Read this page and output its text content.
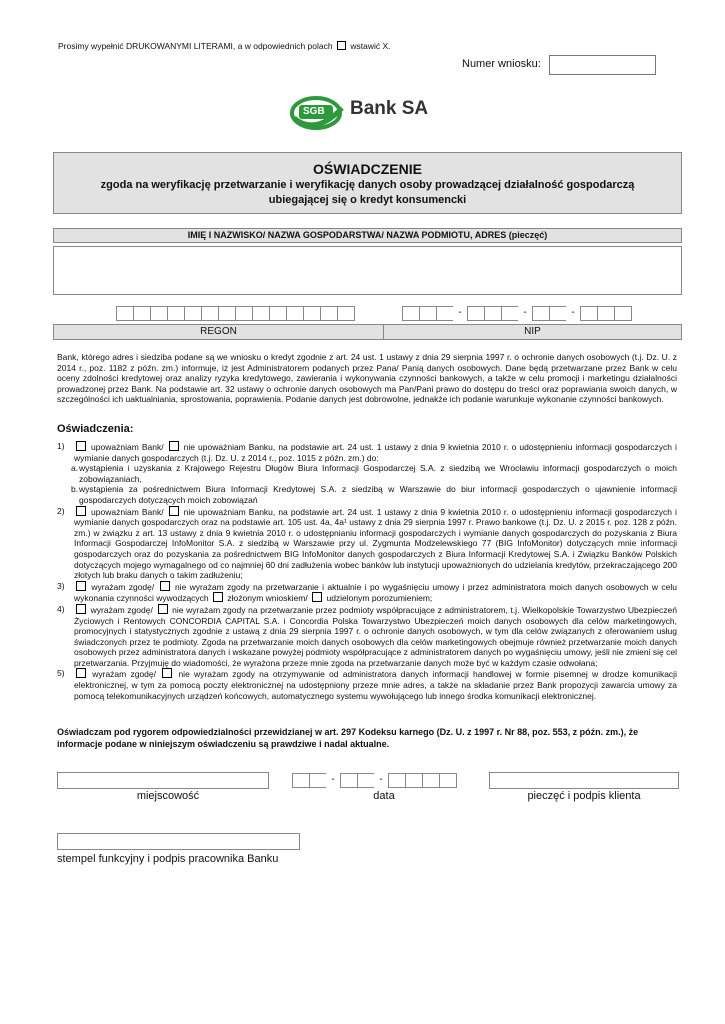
Prosimy wypełnić DRUKOWANYMI LITERAMI, a w odpowiednich polach wstawić X.
Numer wniosku:
SGB Bank SA
OŚWIADCZENIE
zgoda na weryfikację przetwarzanie i weryfikację danych osoby prowadzącej działalność gospodarczą
ubiegającej się o kredyt konsumencki
IMIĘ I NAZWISKO/ NAZWA GOSPODARSTWA/ NAZWA PODMIOTU, ADRES (pieczęć)
-	-	-
REGON	NIP
Bank, którego adres i siedziba podane są we wniosku o kredyt zgodnie z art. 24 ust. 1 ustawy z dnia 29 sierpnia 1997 r. o ochronie danych osobowych (t.j. Dz. U. z 2014 r., poz. 1182 z późn. zm.) informuje, iż jest Administratorem podanych przez Pana/ Panią danych osobowych. Dane będą przetwarzane przez Bank w celu oceny zdolności kredytowej oraz analizy ryzyka kredytowego, zawierania i wykonywania czynności bankowych, a także w celu promocji i marketingu działalności prowadzonej przez Bank. Na podstawie art. 32 ustawy o ochronie danych osobowych ma Pan/Pani prawo do dostępu do treści oraz poprawiania swoich danych, w szczególności ich uaktualniania, sprostowania, poprawienia. Podanie danych jest dobrowolne, jednakże ich podanie warunkuje wykonanie czynności bankowych.
Oświadczenia:
1)	upoważniam Bank/ nie upoważniam Banku, na podstawie art. 24 ust. 1 ustawy z dnia 9 kwietnia 2010 r. o udostępnieniu informacji gospodarczych i wymianie danych gospodarczych (t.j. Dz. U. z 2014 r., poz. 1015 z późn. zm.) do:
a. wystąpienia i uzyskania z Krajowego Rejestru Długów Biura Informacji Gospodarczej S.A. z siedzibą we Wrocławiu informacji gospodarczych o moich zobowiązaniach,
b. wystąpienia za pośrednictwem Biura Informacji Kredytowej S.A. z siedzibą w Warszawie do biur informacji gospodarczych o ujawnienie informacji gospodarczych dotyczących moich zobowiązań
2)	upoważniam Bank/ nie upoważniam Banku, na podstawie art. 24 ust. 1 ustawy z dnia 9 kwietnia 2010 r. o udostępnieniu informacji gospodarczych i wymianie danych gospodarczych oraz na podstawie art. 105 ust. 4a, 4a¹ ustawy z dnia 29 sierpnia 1997 r. Prawo bankowe (t.j. Dz. U. z 2015 r. poz. 128 z późn. zm.) w związku z art. 13 ustawy z dnia 9 kwietnia 2010 r. o udostępnianiu informacji gospodarczych i wymianie danych gospodarczych do pozyskania z Biura Informacji Gospodarczej InfoMonitor S.A. z siedzibą w Warszawie przy ul. Zygmunta Modzelewskiego 77 (BIG InfoMonitor) dotyczących mnie informacji gospodarczych oraz do pozyskania za pośrednictwem BIG InfoMonitor danych gospodarczych z Biura Informacji Kredytowej S.A. i Związku Banków Polskich dotyczących mojego wymagalnego od co najmniej 60 dni zadłużenia wobec banków lub instytucji upoważnionych do udzielania kredytów, przekraczającego 200 złotych lub braku danych o takim zadłużeniu;
3)	wyrażam zgodę/ nie wyrażam zgody na przetwarzanie i aktualnie i po wygaśnięciu umowy i przez administratora moich danych osobowych w celu wykonania czynności wywodzących złożonym wnioskiem/ udzielonym porozumieniem;
4)	wyrażam zgodę/ nie wyrażam zgody na przetwarzanie przez podmioty współpracujące z administratorem, t.j. Wielkopolskie Towarzystwo Ubezpieczeń Życiowych i Rentowych CONCORDIA CAPITAL S.A. i Concordia Polska Towarzystwo Ubezpieczeń moich danych osobowych dla celów marketingowych, promocyjnych i statystycznych zgodnie z ustawą z dnia 29 sierpnia 1997 r. o ochronie danych osobowych, w tym dla celów związanych z oferowaniem usług świadczonych przez te podmioty. Zgoda na przetwarzanie moich danych osobowych dla celów marketingowych obejmuje również przetwarzanie moich danych osobowych przez administratora danych i wskazane powyżej podmioty współpracujące z administratorem danych po wygaśnięciu umowy, jeśli nie zmieni się cel przetwarzania. Przyjmuję do wiadomości, że wyrażona przeze mnie zgoda na przetwarzanie danych może być w każdym czasie odwołana;
5)	wyrażam zgodę/	nie wyrażam zgody na otrzymywanie od administratora danych informacji handlowej w formie pisemnej w drodze komunikacji elektronicznej, w tym za pomocą poczty elektronicznej na udostępniony przeze mnie adres, a także na składanie przez Bank propozycji zawarcia umowy za pomocą telekomunikacyjnych urządzeń końcowych, automatycznego systemu wywołującego lub innego środka komunikacji elektronicznej.
Oświadczam pod rygorem odpowiedzialności przewidzianej w art. 297 Kodeksu karnego (Dz. U. z 1997 r. Nr 88, poz. 553, z późn. zm.), że informacje podane w niniejszym oświadczeniu są prawdziwe i nadal aktualne.
miejscowość
-	-
data	pieczęć i podpis klienta
stempel funkcyjny i podpis pracownika Banku
